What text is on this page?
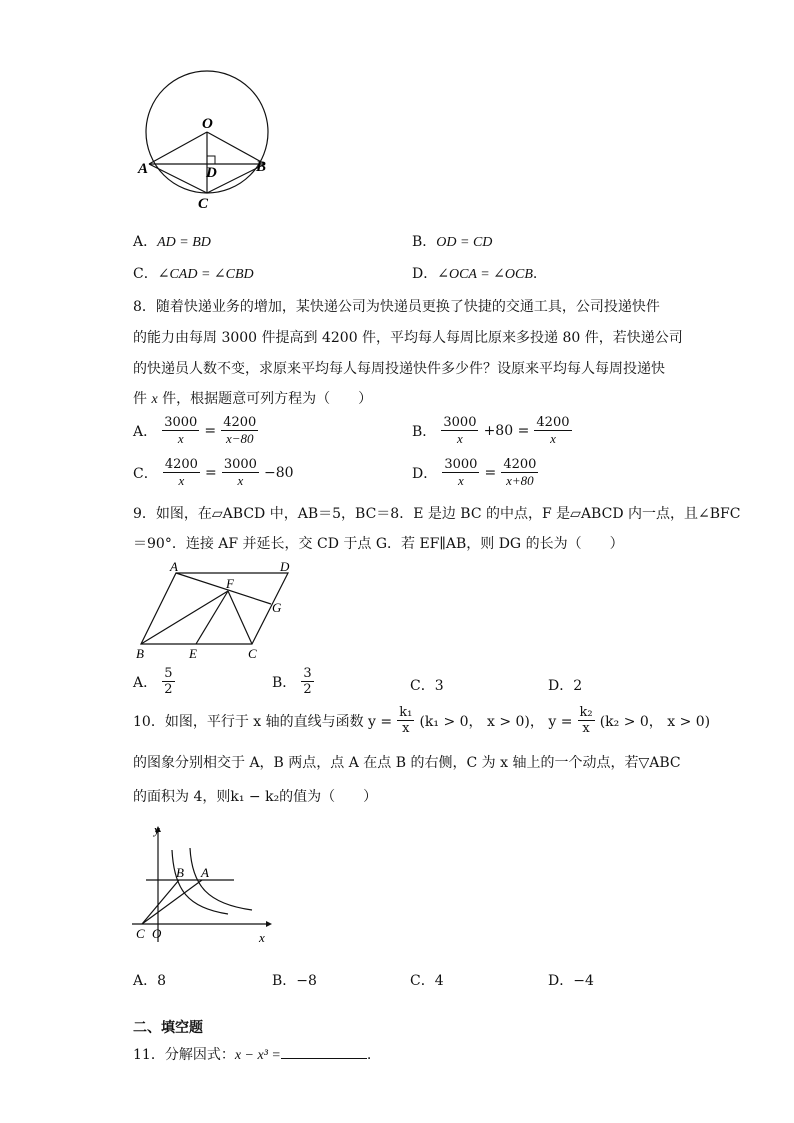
O
A	B
D
C
A．AD = BD	B．OD = CD
C．∠CAD = ∠CBD	D．∠OCA = ∠OCB.
8．随着快递业务的增加，某快递公司为快递员更换了快捷的交通工具，公司投递快件
的能力由每周 3000 件提高到 4200 件，平均每人每周比原来多投递 80 件，若快递公司
的快递员人数不变，求原来平均每人每周投递快件多少件？设原来平均每人每周投递快
件 x 件，根据题意可列方程为（　　）
A． $\frac{3000}{x} = \frac{4200}{x-80}$	B． $\frac{3000}{x} +80 = \frac{4200}{x}$
C． $\frac{4200}{x} = \frac{3000}{x} -80$	D． $\frac{3000}{x} = \frac{4200}{x+80}$
9．如图，在▱ABCD 中，AB＝5，BC＝8．E 是边 BC 的中点，F 是▱ABCD 内一点，且∠BFC
＝90°．连接 AF 并延长，交 CD 于点 G．若 EF∥AB，则 DG 的长为（　　）
A	D
F
G
B	E	C
A． $\frac{5}{2}$	B． $\frac{3}{2}$	C．3	D．2
10．如图，平行于 x 轴的直线与函数 $y = \frac{\text{k₁}}{x} (k_1 > 0$， x > 0)， $y = \frac{\text{k₂}}{x} (k_2 > 0$， x > 0)
的图象分别相交于 A，B 两点，点 A 在点 B 的右侧，C 为 x 轴上的一个动点，若▽ABC
的面积为 4，则k₁ − k₂的值为（　　）
y
B A
C O	x
A．8	B．−8	C．4	D．−4
二、填空题
11．分解因式：x − x³ =	.
